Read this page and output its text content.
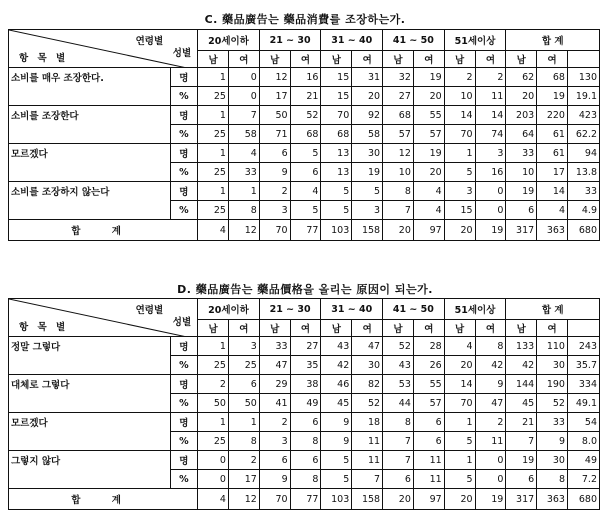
C. 藥品廣告는 藥品消費를 조장하는가.
연령별
성별
항 목 별		20세이하		21 ~ 30		31 ~ 40		41 ~ 50		51세이상		합 계		
		남	여	남	여	남	여	남	여	남	여	남	여	
소비를 매우 조장한다.	명	1	0	12	16	15	31	32	19	2	2	62	68	130
	%	25	0	17	21	15	20	27	20	10	11	20	19	19.1
소비를 조장한다	명	1	7	50	52	70	92	68	55	14	14	203	220	423
	%	25	58	71	68	68	58	57	57	70	74	64	61	62.2
모르겠다	명	1	4	6	5	13	30	12	19	1	3	33	61	94
	%	25	33	9	6	13	19	10	20	5	16	10	17	13.8
소비를 조장하지 않는다	명	1	1	2	4	5	5	8	4	3	0	19	14	33
	%	25	8	3	5	5	3	7	4	15	0	6	4	4.9
합 계		4	12	70	77	103	158	20	97	20	19	317	363	680
D. 藥品廣告는 藥品價格을 올리는 原因이 되는가.
연령별
성별
항 목 별		20세이하		21 ~ 30		31 ~ 40		41 ~ 50		51세이상		합 계		
		남	여	남	여	남	여	남	여	남	여	남	여	
정말 그렇다	명	1	3	33	27	43	47	52	28	4	8	133	110	243
	%	25	25	47	35	42	30	43	26	20	42	42	30	35.7
대체로 그렇다	명	2	6	29	38	46	82	53	55	14	9	144	190	334
	%	50	50	41	49	45	52	44	57	70	47	45	52	49.1
모르겠다	명	1	1	2	6	9	18	8	6	1	2	21	33	54
	%	25	8	3	8	9	11	7	6	5	11	7	9	8.0
그렇지 않다	명	0	2	6	6	5	11	7	11	1	0	19	30	49
	%	0	17	9	8	5	7	6	11	5	0	6	8	7.2
합 계		4	12	70	77	103	158	20	97	20	19	317	363	680
